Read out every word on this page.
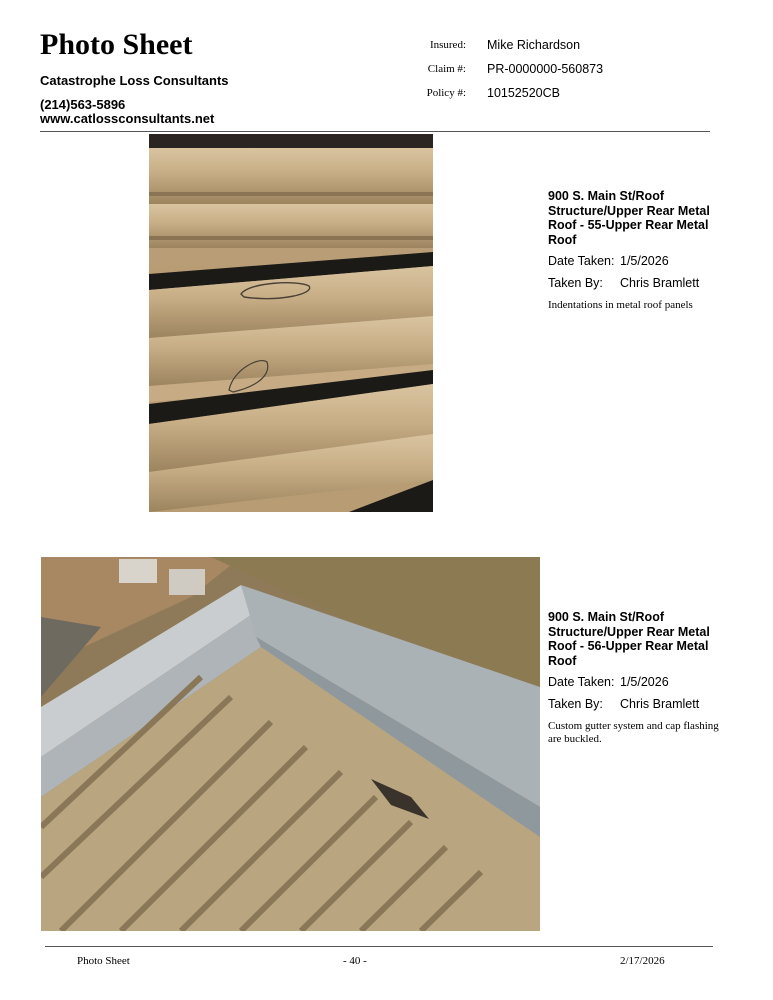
Photo Sheet
Catastrophe Loss Consultants
(214)563-5896
www.catlossconsultants.net
Insured: Mike Richardson
Claim #: PR-0000000-560873
Policy #: 10152520CB
900 S. Main St/Roof Structure/Upper Rear Metal Roof - 55-Upper Rear Metal Roof
Date Taken: 1/5/2026
Taken By: Chris Bramlett
Indentations in metal roof panels
900 S. Main St/Roof Structure/Upper Rear Metal Roof - 56-Upper Rear Metal Roof
Date Taken: 1/5/2026
Taken By: Chris Bramlett
Custom gutter system and cap flashing are buckled.
Photo Sheet	- 40 -	2/17/2026
